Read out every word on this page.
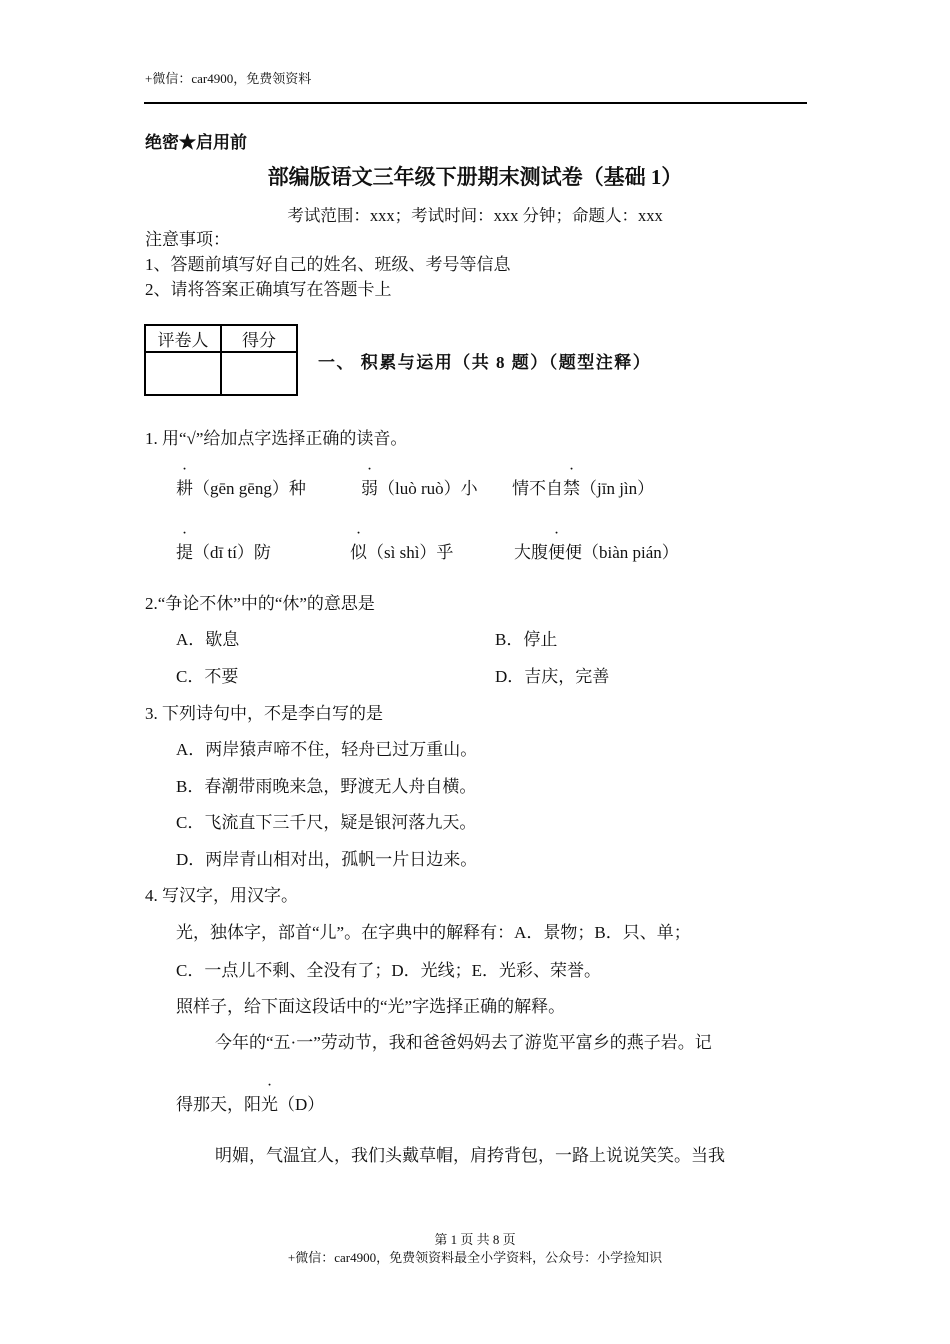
+微信：car4900，免费领资料
绝密★启用前
部编版语文三年级下册期末测试卷（基础 1）
考试范围：xxx；考试时间：xxx 分钟；命题人：xxx
注意事项：
1、答题前填写好自己的姓名、班级、考号等信息
2、请将答案正确填写在答题卡上
评卷人	得分

一、 积累与运用（共 8 题）（题型注释）
1. 用“√”给加点字选择正确的读音。
耕（gēn gēng）种	弱（luò ruò）小 情不自禁（jīn jìn）
提（dī tí）防	似（sì shì）乎	大腹便便（biàn pián）
2.“争论不休”中的“休”的意思是
A．歇息	B．停止
C．不要	D．吉庆，完善
3. 下列诗句中，不是李白写的是
A．两岸猿声啼不住，轻舟已过万重山。
B．春潮带雨晚来急，野渡无人舟自横。
C．飞流直下三千尺，疑是银河落九天。
D．两岸青山相对出，孤帆一片日边来。
4. 写汉字，用汉字。
光，独体字，部首“儿”。在字典中的解释有：A．景物；B．只、单；
C．一点儿不剩、全没有了；D．光线；E．光彩、荣誉。
照样子，给下面这段话中的“光”字选择正确的解释。
今年的“五·一”劳动节，我和爸爸妈妈去了游览平富乡的燕子岩。记
得那天，阳光（D）
明媚，气温宜人，我们头戴草帽，肩挎背包，一路上说说笑笑。当我
第 1 页 共 8 页
+微信：car4900，免费领资料最全小学资料，公众号：小学捡知识
